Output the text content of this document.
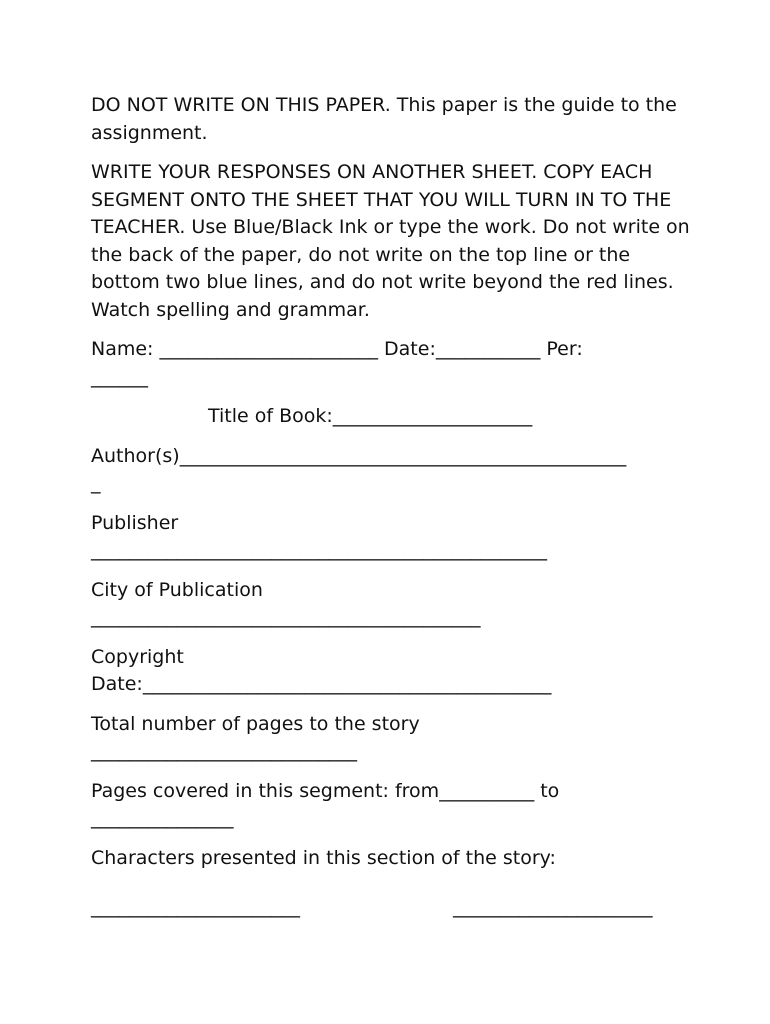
DO NOT WRITE ON THIS PAPER. This paper is the guide to the assignment.

WRITE YOUR RESPONSES ON ANOTHER SHEET. COPY EACH SEGMENT ONTO THE SHEET THAT YOU WILL TURN IN TO THE TEACHER. Use Blue/Black Ink or type the work. Do not write on the back of the paper, do not write on the top line or the bottom two blue lines, and do not write beyond the red lines.  Watch spelling and grammar.

Name: _______________________ Date:___________ Per:
______

Title of Book:_____________________

Author(s)_______________________________________________
_

Publisher
________________________________________________

City of Publication
_________________________________________

Copyright
Date:___________________________________________

Total number of pages to the story
____________________________

Pages covered in this segment: from__________ to
_______________

Characters presented in this section of the story:

______________________	_____________________
